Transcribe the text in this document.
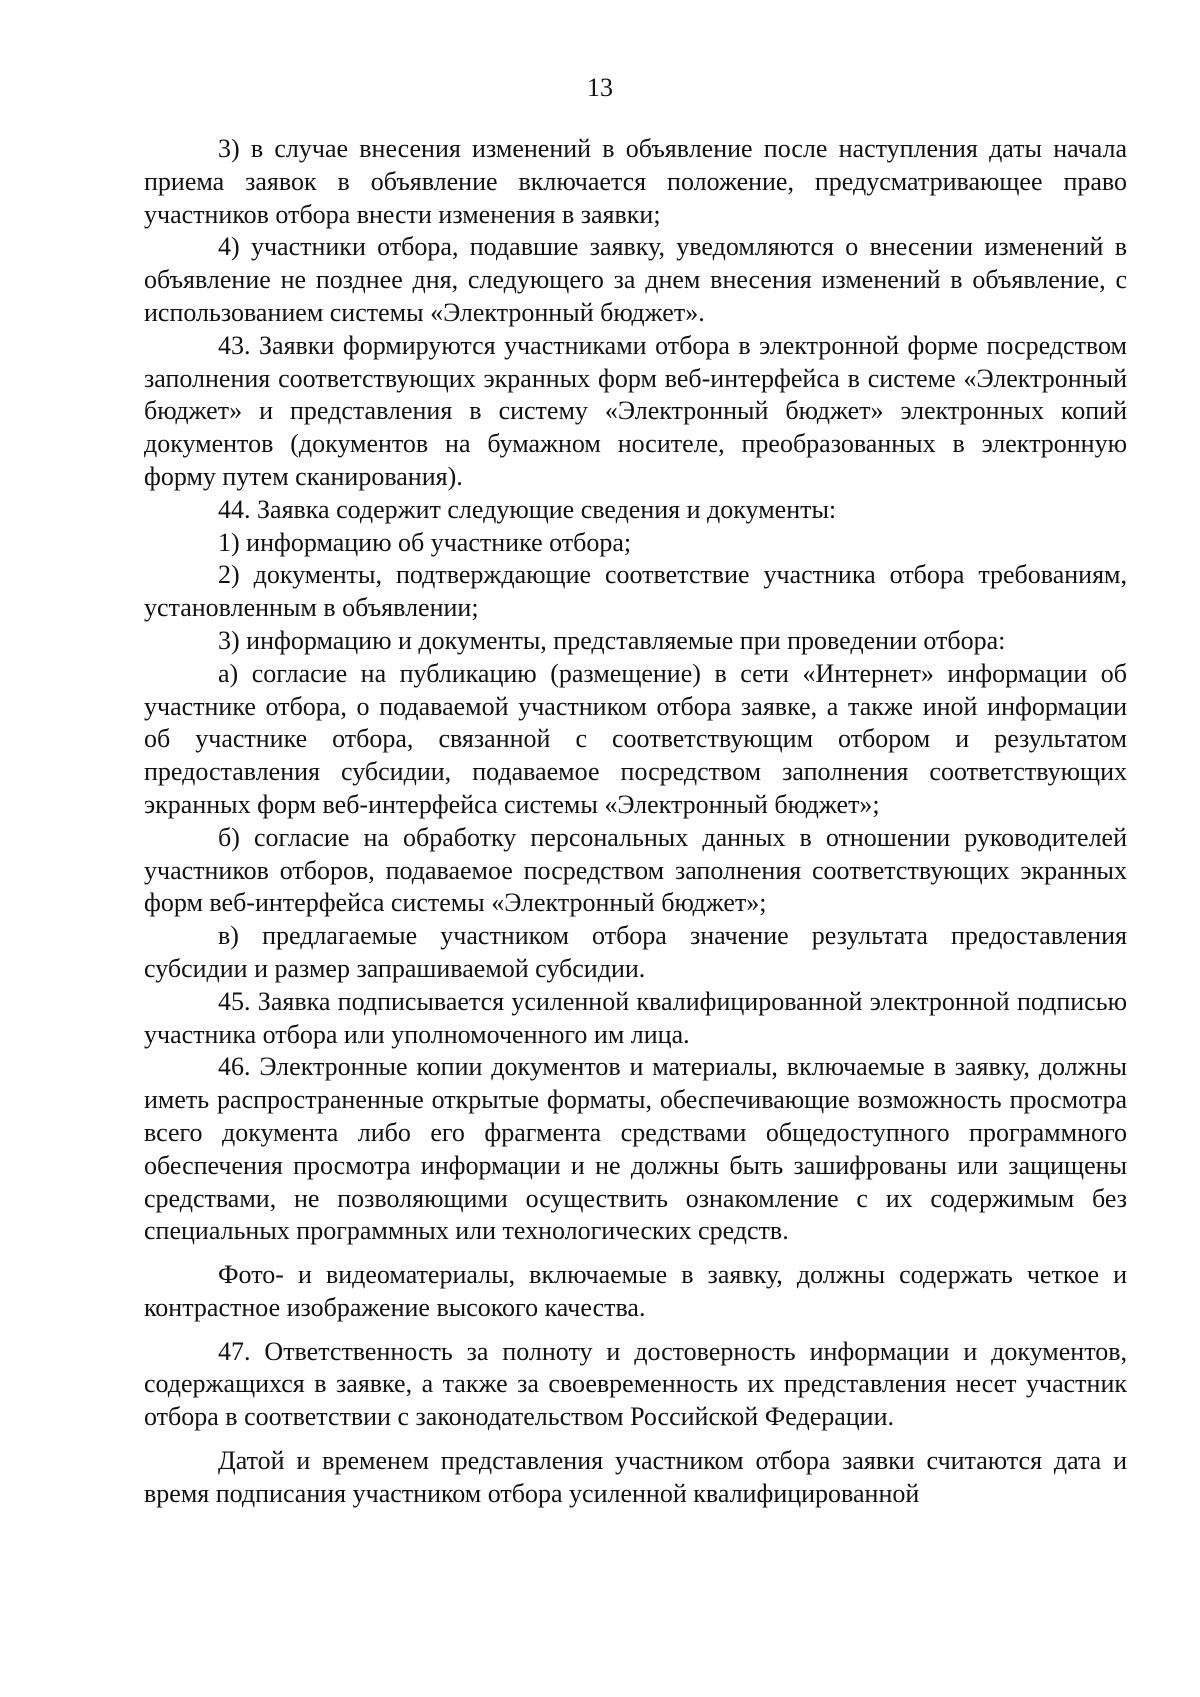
13

3) в случае внесения изменений в объявление после наступления даты начала приема заявок в объявление включается положение, предусматривающее право участников отбора внести изменения в заявки;

4) участники отбора, подавшие заявку, уведомляются о внесении изменений в объявление не позднее дня, следующего за днем внесения изменений в объявление, с использованием системы «Электронный бюджет».

43. Заявки формируются участниками отбора в электронной форме посредством заполнения соответствующих экранных форм веб-интерфейса в системе «Электронный бюджет» и представления в систему «Электронный бюджет» электронных копий документов (документов на бумажном носителе, преобразованных в электронную форму путем сканирования).

44. Заявка содержит следующие сведения и документы:

1) информацию об участнике отбора;

2) документы, подтверждающие соответствие участника отбора требованиям, установленным в объявлении;

3) информацию и документы, представляемые при проведении отбора:

а) согласие на публикацию (размещение) в сети «Интернет» информации об участнике отбора, о подаваемой участником отбора заявке, а также иной информации об участнике отбора, связанной с соответствующим отбором и результатом предоставления субсидии, подаваемое посредством заполнения соответствующих экранных форм веб-интерфейса системы «Электронный бюджет»;

б) согласие на обработку персональных данных в отношении руководителей участников отборов, подаваемое посредством заполнения соответствующих экранных форм веб-интерфейса системы «Электронный бюджет»;

в) предлагаемые участником отбора значение результата предоставления субсидии и размер запрашиваемой субсидии.

45. Заявка подписывается усиленной квалифицированной электронной подписью участника отбора или уполномоченного им лица.

46. Электронные копии документов и материалы, включаемые в заявку, должны иметь распространенные открытые форматы, обеспечивающие возможность просмотра всего документа либо его фрагмента средствами общедоступного программного обеспечения просмотра информации и не должны быть зашифрованы или защищены средствами, не позволяющими осуществить ознакомление с их содержимым без специальных программных или технологических средств.

Фото- и видеоматериалы, включаемые в заявку, должны содержать четкое и контрастное изображение высокого качества.

47. Ответственность за полноту и достоверность информации и документов, содержащихся в заявке, а также за своевременность их представления несет участник отбора в соответствии с законодательством Российской Федерации.

Датой и временем представления участником отбора заявки считаются дата и время подписания участником отбора усиленной квалифицированной
